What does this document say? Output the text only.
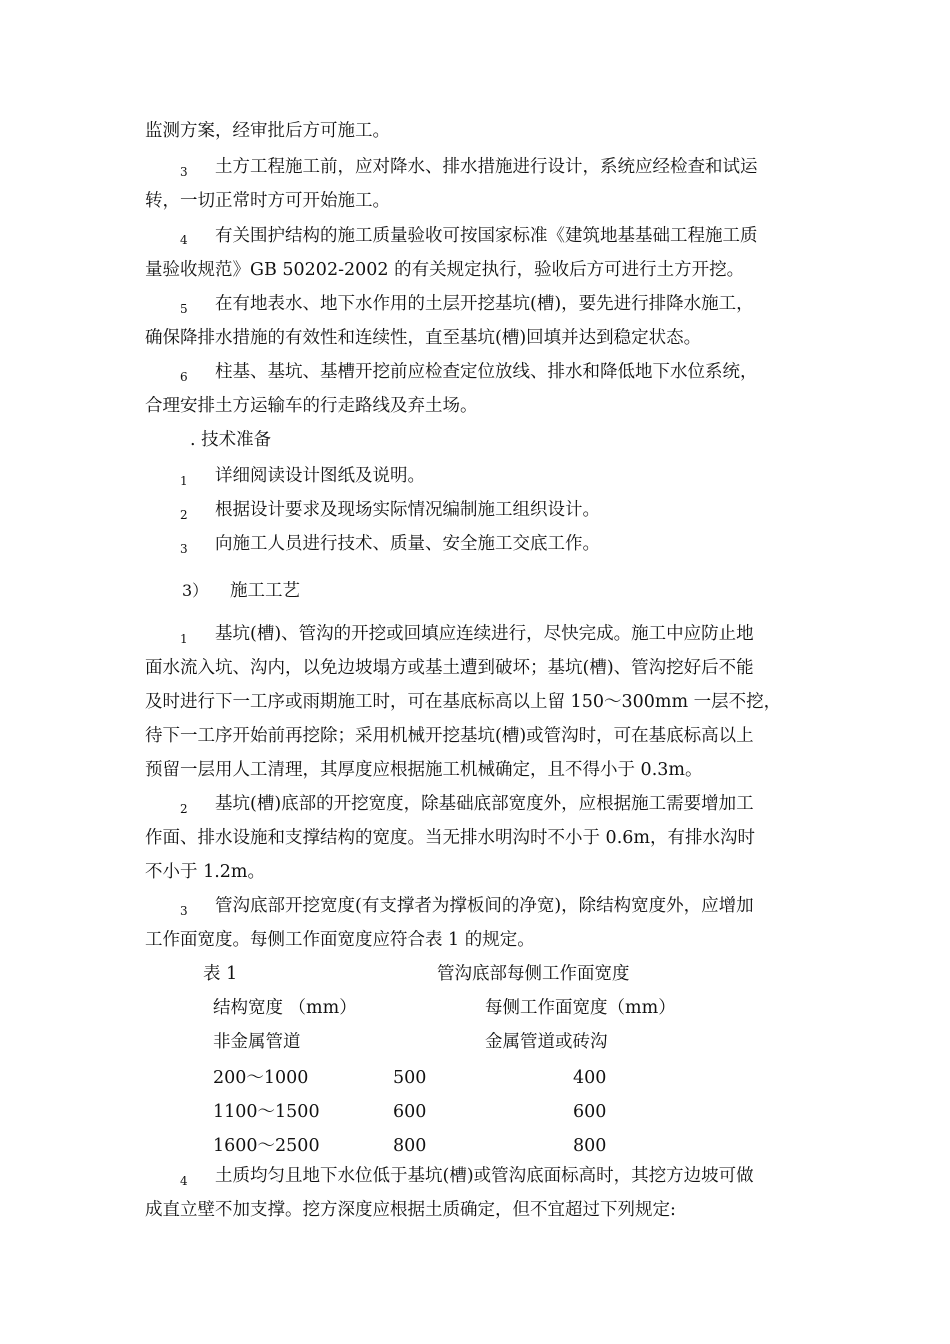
监测方案，经审批后方可施工。
3 土方工程施工前，应对降水、排水措施进行设计，系统应经检查和试运
转，一切正常时方可开始施工。
4 有关围护结构的施工质量验收可按国家标准《建筑地基基础工程施工质
量验收规范》GB 50202-2002 的有关规定执行，验收后方可进行土方开挖。
5 在有地表水、地下水作用的土层开挖基坑(槽)，要先进行排降水施工，
确保降排水措施的有效性和连续性，直至基坑(槽)回填并达到稳定状态。
6 柱基、基坑、基槽开挖前应检查定位放线、排水和降低地下水位系统，
合理安排土方运输车的行走路线及弃土场。
. 技术准备
1 详细阅读设计图纸及说明。
2 根据设计要求及现场实际情况编制施工组织设计。
3 向施工人员进行技术、质量、安全施工交底工作。
3） 施工工艺
1 基坑(槽)、管沟的开挖或回填应连续进行，尽快完成。施工中应防止地
面水流入坑、沟内，以免边坡塌方或基土遭到破坏；基坑(槽)、管沟挖好后不能
及时进行下一工序或雨期施工时，可在基底标高以上留 150～300mm 一层不挖，
待下一工序开始前再挖除；采用机械开挖基坑(槽)或管沟时，可在基底标高以上
预留一层用人工清理，其厚度应根据施工机械确定，且不得小于 0.3m。
2 基坑(槽)底部的开挖宽度，除基础底部宽度外，应根据施工需要增加工
作面、排水设施和支撑结构的宽度。当无排水明沟时不小于 0.6m，有排水沟时
不小于 1.2m。
3 管沟底部开挖宽度(有支撑者为撑板间的净宽)，除结构宽度外，应增加
工作面宽度。每侧工作面宽度应符合表 1 的规定。
表 1	管沟底部每侧工作面宽度
结构宽度 （mm）	每侧工作面宽度（mm）
非金属管道	金属管道或砖沟
200～1000	500	400
1100～1500	600	600
1600～2500	800	800
4 土质均匀且地下水位低于基坑(槽)或管沟底面标高时，其挖方边坡可做
成直立壁不加支撑。挖方深度应根据土质确定，但不宜超过下列规定:
